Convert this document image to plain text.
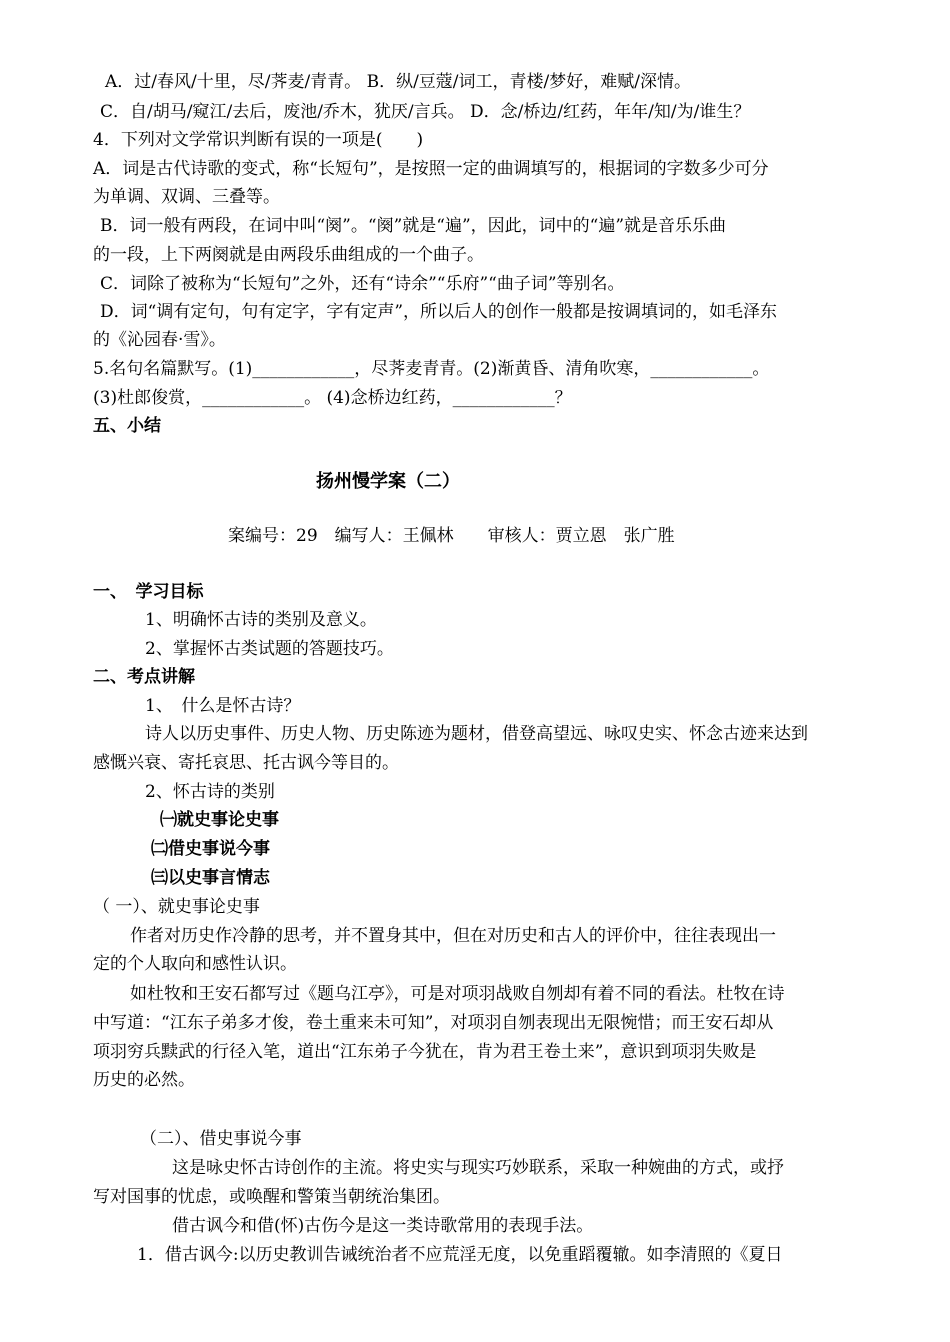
A．过/春风/十里，尽/荠麦/青青。 B．纵/豆蔻/词工，青楼/梦好，难赋/深情。
C．自/胡马/窥江/去后，废池/乔木，犹厌/言兵。 D．念/桥边/红药，年年/知/为/谁生？
4．下列对文学常识判断有误的一项是(　　)
A．词是古代诗歌的变式，称“长短句”，是按照一定的曲调填写的，根据词的字数多少可分
为单调、双调、三叠等。
B．词一般有两段，在词中叫“阕”。“阕”就是“遍”，因此，词中的“遍”就是音乐乐曲
的一段，上下两阕就是由两段乐曲组成的一个曲子。
C．词除了被称为“长短句”之外，还有“诗余”“乐府”“曲子词”等别名。
D．词“调有定句，句有定字，字有定声”，所以后人的创作一般都是按调填词的，如毛泽东
的《沁园春·雪》。
5.名句名篇默写。(1)____________，尽荠麦青青。(2)渐黄昏、清角吹寒，____________。
(3)杜郎俊赏，____________。 (4)念桥边红药，____________？
五、小结
扬州慢学案（二）
案编号：29　编写人：王佩林　　审核人：贾立恩　张广胜
一、　学习目标
1、明确怀古诗的类别及意义。
2、掌握怀古类试题的答题技巧。
二、考点讲解
1、　什么是怀古诗？
诗人以历史事件、历史人物、历史陈迹为题材，借登高望远、咏叹史实、怀念古迹来达到
感慨兴衰、寄托哀思、托古讽今等目的。
2、怀古诗的类别
㈠就史事论史事
㈡借史事说今事
㈢以史事言情志
（ 一）、就史事论史事
作者对历史作冷静的思考，并不置身其中，但在对历史和古人的评价中，往往表现出一
定的个人取向和感性认识。
如杜牧和王安石都写过《题乌江亭》，可是对项羽战败自刎却有着不同的看法。杜牧在诗
中写道：“江东子弟多才俊，卷土重来未可知”，对项羽自刎表现出无限惋惜；而王安石却从
项羽穷兵黩武的行径入笔，道出“江东弟子今犹在，肯为君王卷土来”，意识到项羽失败是
历史的必然。
（二）、借史事说今事
这是咏史怀古诗创作的主流。将史实与现实巧妙联系，采取一种婉曲的方式，或抒
写对国事的忧虑，或唤醒和警策当朝统治集团。
借古讽今和借(怀)古伤今是这一类诗歌常用的表现手法。
1．借古讽今:以历史教训告诫统治者不应荒淫无度，以免重蹈覆辙。如李清照的《夏日
